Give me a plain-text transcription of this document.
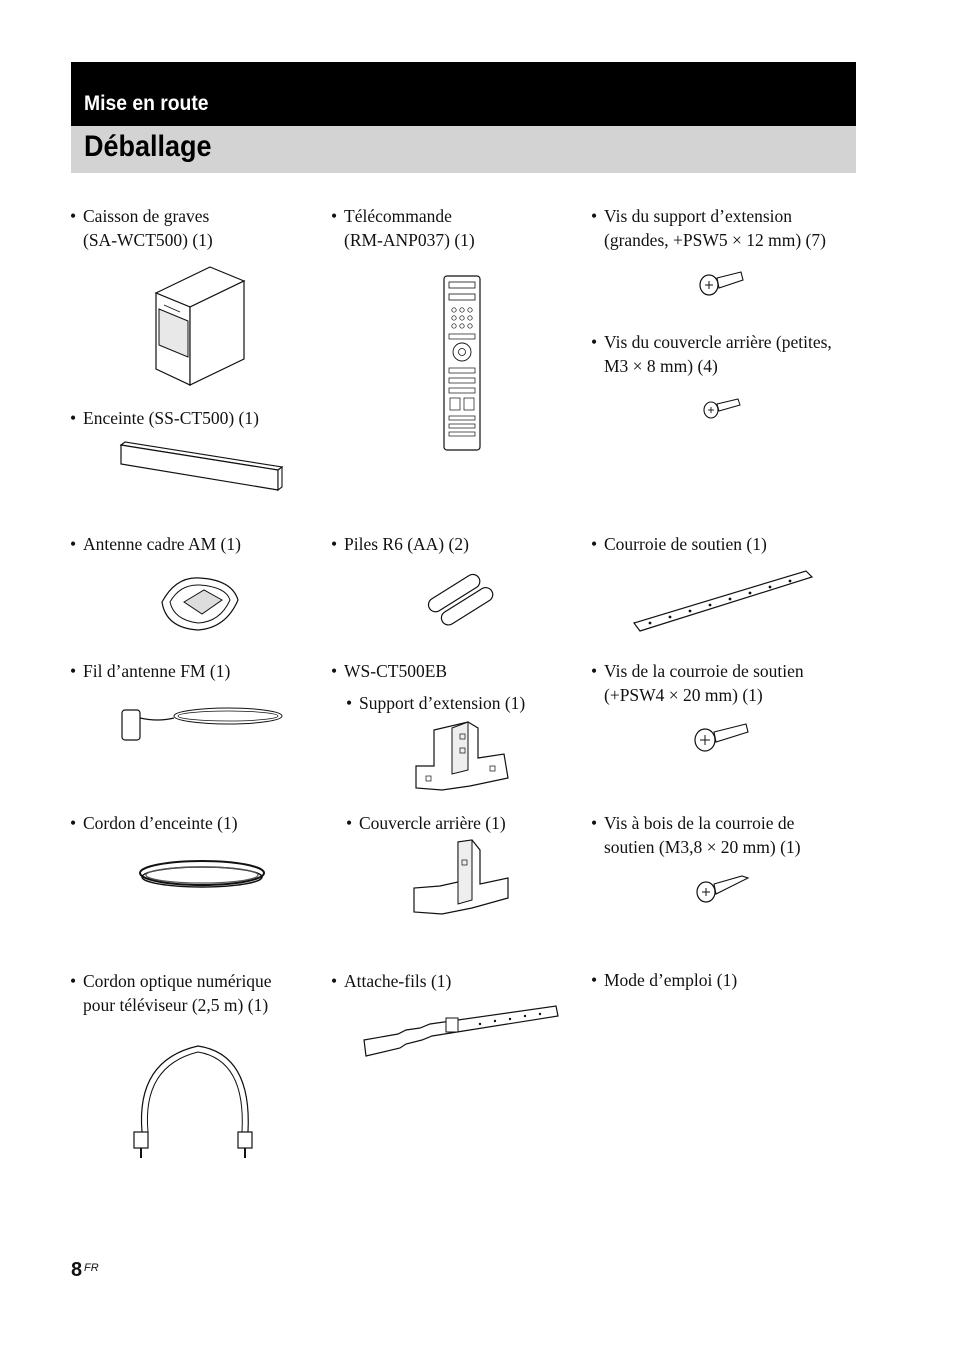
Mise en route
Déballage
• Caisson de graves
(SA-WCT500) (1)
• Enceinte (SS-CT500) (1)
• Antenne cadre AM (1)
• Fil d’antenne FM (1)
• Cordon d’enceinte (1)
• Cordon optique numérique
pour téléviseur (2,5 m) (1)
• Télécommande
(RM-ANP037) (1)
• Piles R6 (AA) (2)
• WS-CT500EB
• Support d’extension (1)
• Couvercle arrière (1)
• Attache-fils (1)
• Vis du support d’extension
(grandes, +PSW5 × 12 mm) (7)
• Vis du couvercle arrière (petites,
M3 × 8 mm) (4)
• Courroie de soutien (1)
• Vis de la courroie de soutien
(+PSW4 × 20 mm) (1)
• Vis à bois de la courroie de
soutien (M3,8 × 20 mm) (1)
• Mode d’emploi (1)
8 FR
